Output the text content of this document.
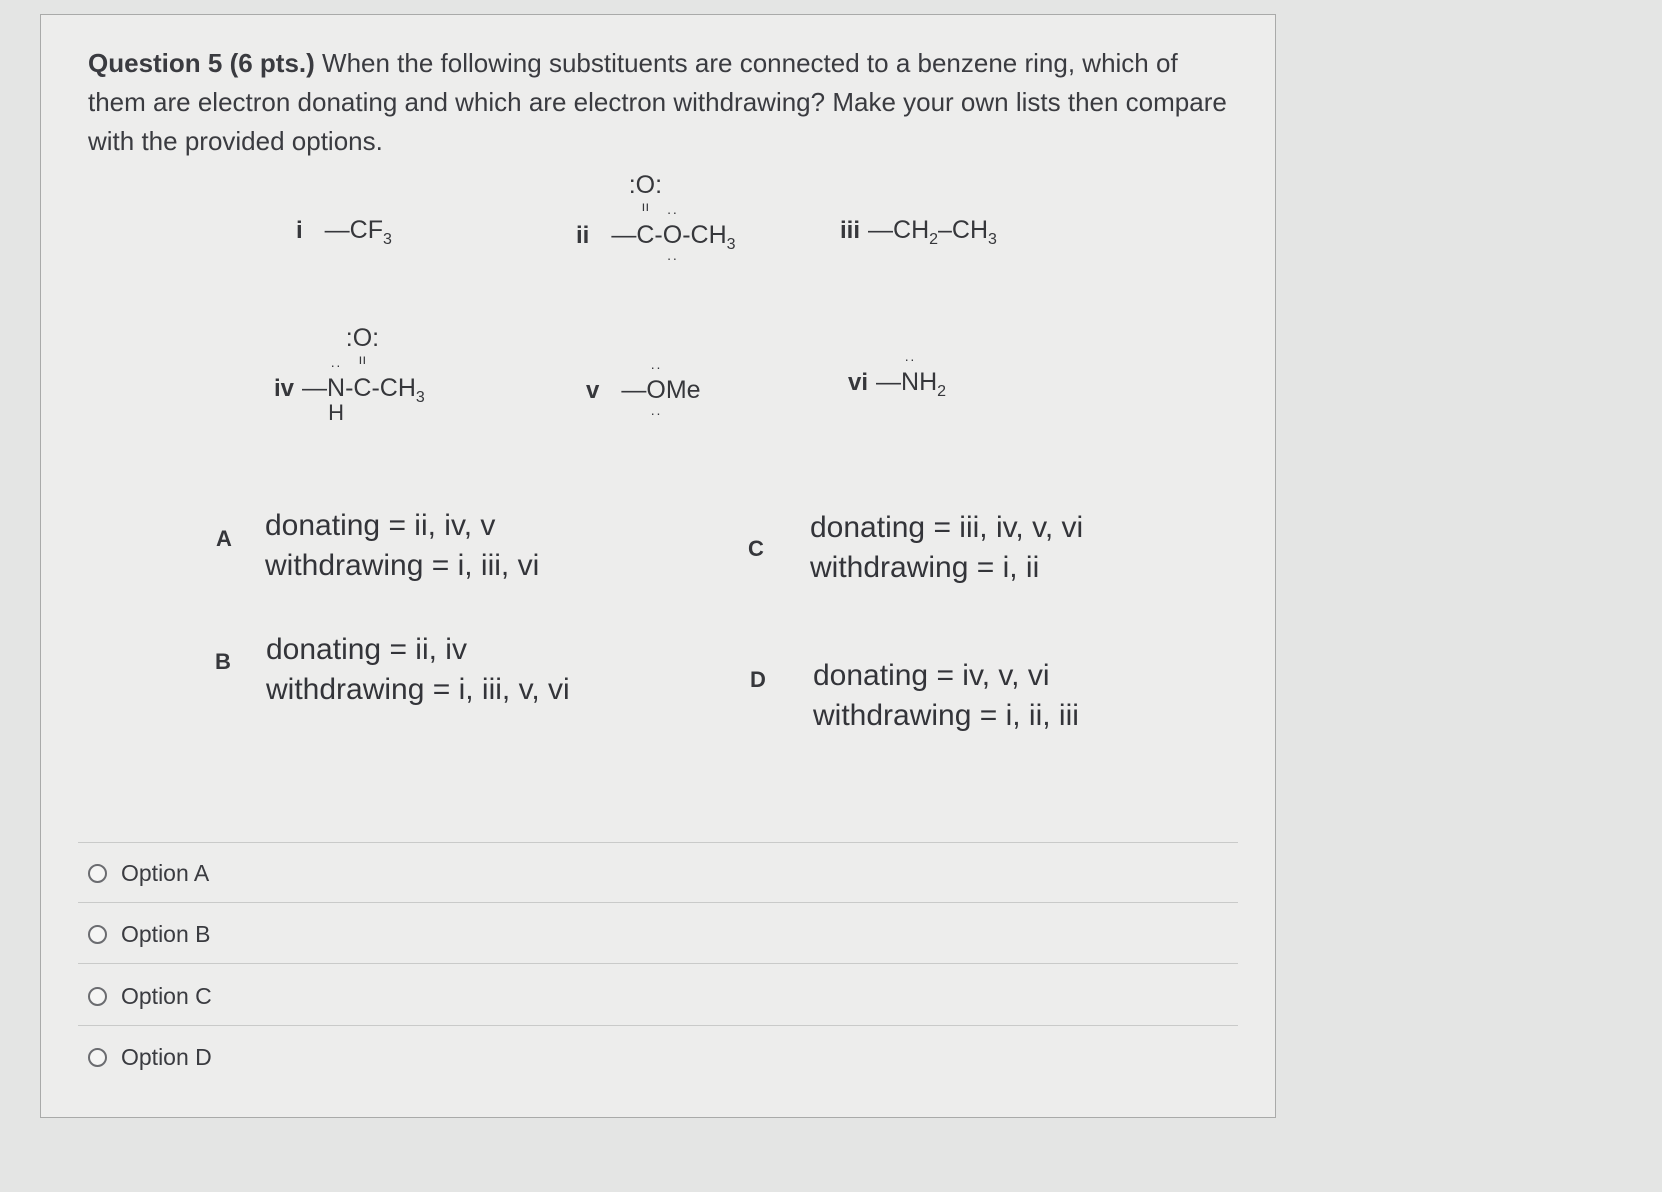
Question 5 (6 pts.) When the following substituents are connected to a benzene ring, which of them are electron donating and which are electron withdrawing? Make your own lists then compare with the provided options.
i $—CF_3$	ii —
:O:
ıı
C-
··
O
··
$-CH_3$
iii $—CH_2-CH_3$
iv —
··
N
H
-
:O:
ıı
$C-CH_3$	v —
··
O
··
Me	vi —
··
$NH_2$
A donating = ii, iv, v
withdrawing = i, iii, vi
C
donating = iii, iv, v, vi
withdrawing = i, ii
B donating = ii, iv
withdrawing = i, iii, v, vi	D donating = iv, v, vi
withdrawing = i, ii, iii
Option A
Option B
Option C
Option D
